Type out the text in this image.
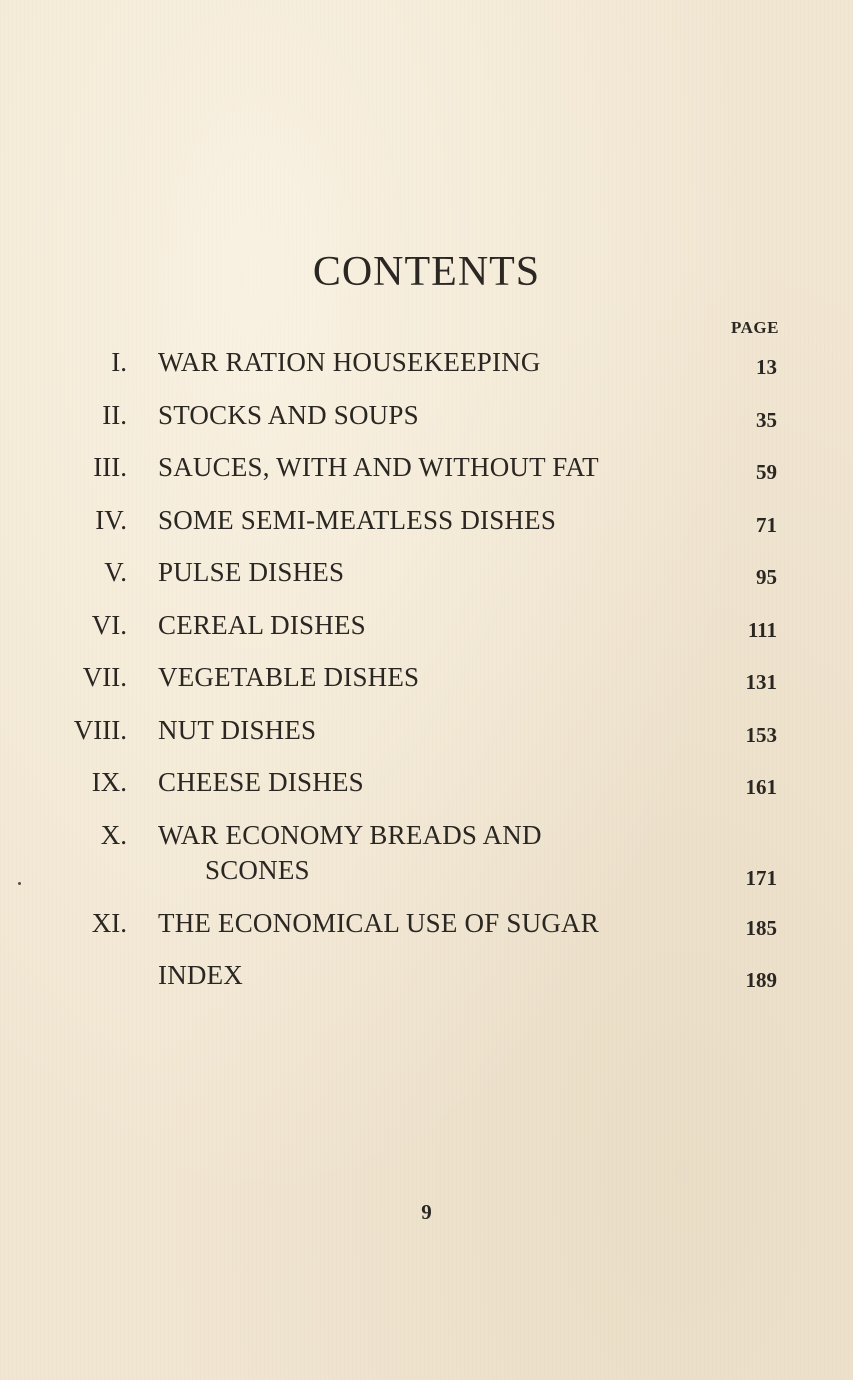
CONTENTS
PAGE
I. WAR RATION HOUSEKEEPING	13
II. STOCKS AND SOUPS	35
III. SAUCES, WITH AND WITHOUT FAT	59
IV. SOME SEMI-MEATLESS DISHES	71
V. PULSE DISHES	95
VI. CEREAL DISHES	111
VII. VEGETABLE DISHES	131
VIII. NUT DISHES	153
IX. CHEESE DISHES	161
X. WAR ECONOMY BREADS AND
SCONES	171
XI. THE ECONOMICAL USE OF SUGAR	185
INDEX	189
9
